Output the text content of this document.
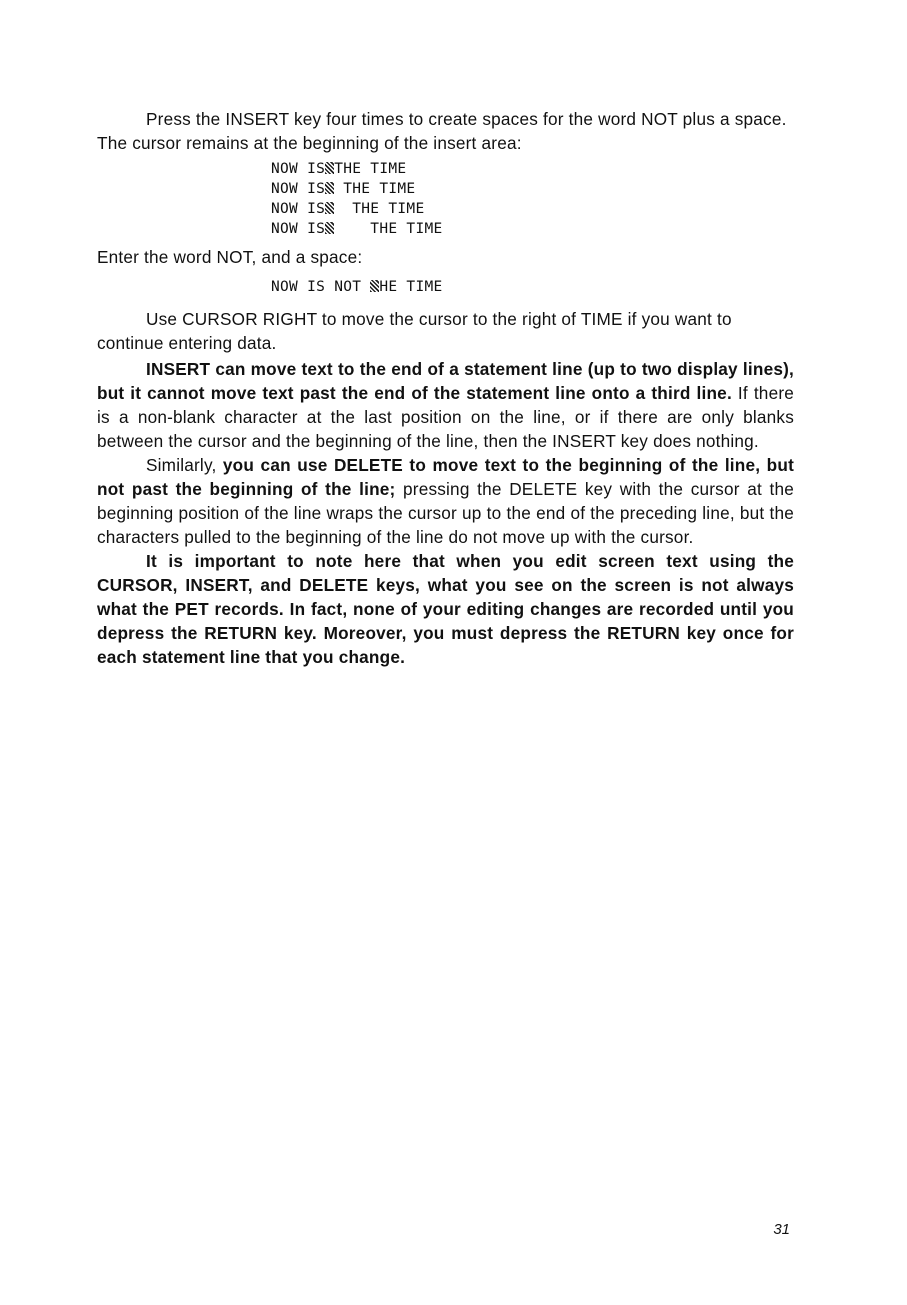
Press the INSERT key four times to create spaces for the word NOT plus a space. The cursor remains at the beginning of the insert area:

NOW IS THE TIME
NOW IS THE TIME
NOW IS  THE TIME
NOW IS    THE TIME

Enter the word NOT, and a space:

NOW IS NOT HE TIME

Use CURSOR RIGHT to move the cursor to the right of TIME if you want to continue entering data.

INSERT can move text to the end of a statement line (up to two display lines), but it cannot move text past the end of the statement line onto a third line. If there is a non-blank character at the last position on the line, or if there are only blanks between the cursor and the beginning of the line, then the INSERT key does nothing.

Similarly, you can use DELETE to move text to the beginning of the line, but not past the beginning of the line; pressing the DELETE key with the cursor at the beginning position of the line wraps the cursor up to the end of the preceding line, but the characters pulled to the beginning of the line do not move up with the cursor.

It is important to note here that when you edit screen text using the CURSOR, INSERT, and DELETE keys, what you see on the screen is not always what the PET records. In fact, none of your editing changes are recorded until you depress the RETURN key. Moreover, you must depress the RETURN key once for each statement line that you change.

31
